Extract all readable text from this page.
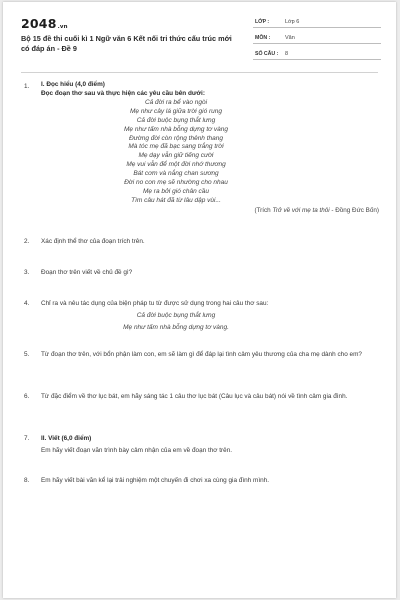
2048.vn
Bộ 15 đề thi cuối kì 1 Ngữ văn 6 Kết nối tri thức cấu trúc mới có đáp án - Đề 9
LỚP :	Lớp 6
MÔN :	Văn
SỐ CÂU : 8
1. I. Đọc hiểu (4,0 điểm)
Đọc đoạn thơ sau và thực hiện các yêu cầu bên dưới:
Cả đời ra bể vào ngòi
Mẹ như cây lá giữa trời gió rung
Cả đời buộc bụng thắt lưng
Mẹ như tấm nhà bỗng dựng tơ vàng
Đường đời còn rộng thênh thang
Mà tóc mẹ đã bạc sang trắng trời
Mẹ dạy vẫn giữ tiếng cười
Mẹ vui vẫn để một đời nhớ thương
Bát cơm và nắng chan sương
Đời no con mẹ sẽ nhường cho nhau
Mẹ ra bởi gió chân cầu
Tìm câu hát đã từ lâu dập vùi...
(Trích Trở về với mẹ ta thôi - Đồng Đức Bốn)
2. Xác định thể thơ của đoạn trích trên.
3. Đoạn thơ trên viết về chủ đề gì?
4. Chỉ ra và nêu tác dụng của biện pháp tu từ được sử dụng trong hai câu thơ sau:
Cả đời buộc bụng thắt lưng
Mẹ như tấm nhà bỗng dựng tơ vàng.
5. Từ đoạn thơ trên, với bổn phận làm con, em sẽ làm gì để đáp lại tình cảm yêu thương của cha mẹ dành cho em?
6. Từ đặc điểm về thơ lục bát, em hãy sáng tác 1 câu thơ lục bát (Câu lục và câu bát) nói về tình cảm gia đình.
7. II. Viết (6,0 điểm)
Em hãy viết đoạn văn trình bày cảm nhận của em về đoạn thơ trên.
8. Em hãy viết bài văn kể lại trải nghiệm một chuyến đi chơi xa cùng gia đình mình.
